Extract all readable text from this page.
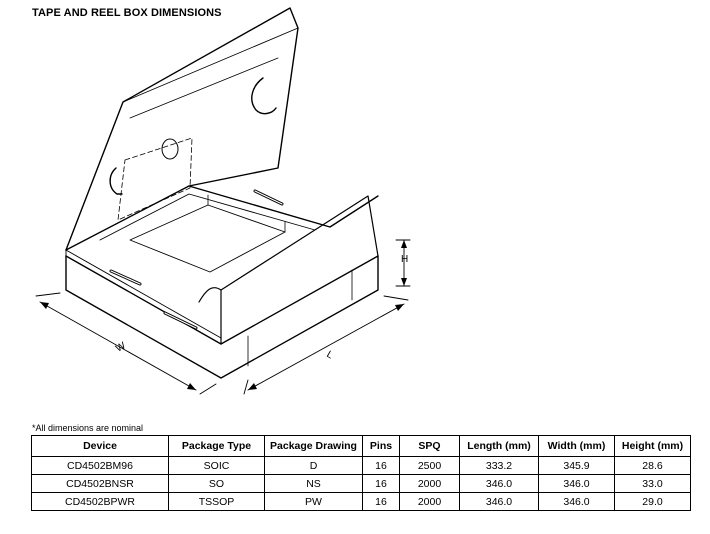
TAPE AND REEL BOX DIMENSIONS
W
L
H
*All dimensions are nominal
Device	Package Type	Package Drawing	Pins	SPQ	Length (mm)	Width (mm)	Height (mm)
CD4502BM96	SOIC	D	16	2500	333.2	345.9	28.6
CD4502BNSR	SO	NS	16	2000	346.0	346.0	33.0
CD4502BPWR	TSSOP	PW	16	2000	346.0	346.0	29.0
